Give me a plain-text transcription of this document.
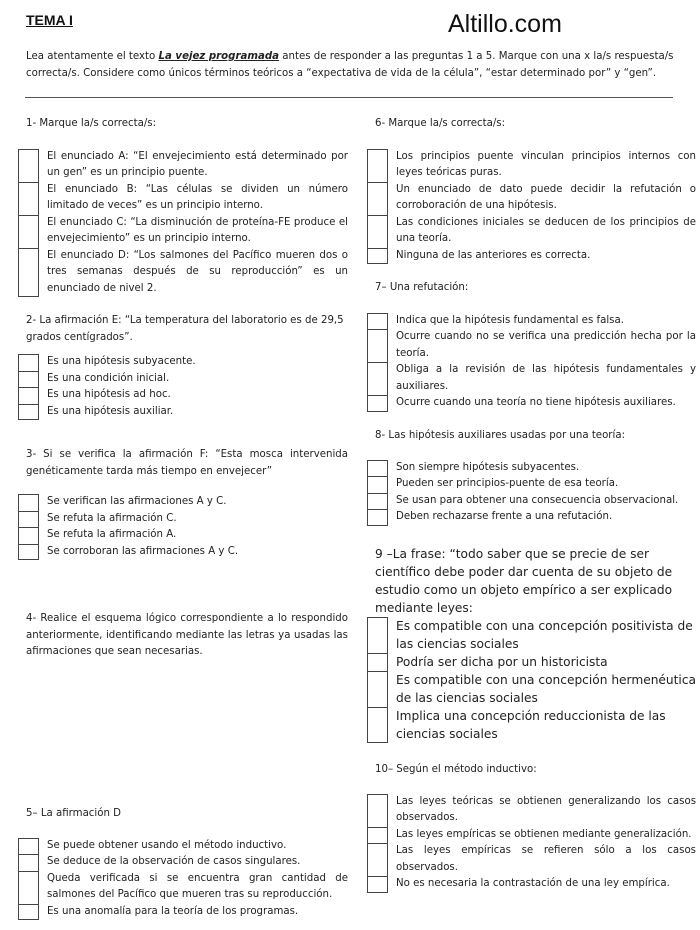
TEMA I	Altillo.com
Lea atentamente el texto La vejez programada antes de responder a las preguntas 1 a 5. Marque con una x la/s respuesta/s correcta/s. Considere como únicos términos teóricos a “expectativa de vida de la célula”, “estar determinado por” y “gen”.

1- Marque la/s correcta/s:

El enunciado A: “El envejecimiento está determinado por un gen” es un principio puente.
El enunciado B: “Las células se dividen un número limitado de veces” es un principio interno.
El enunciado C: “La disminución de proteína-FE produce el envejecimiento” es un principio interno.
El enunciado D: “Los salmones del Pacífico mueren dos o tres semanas después de su reproducción” es un enunciado de nivel 2.

2- La afirmación E: “La temperatura del laboratorio es de 29,5 grados centígrados”.

Es una hipótesis subyacente.
Es una condición inicial.
Es una hipótesis ad hoc.
Es una hipótesis auxiliar.

3- Si se verifica la afirmación F: “Esta mosca intervenida genéticamente tarda más tiempo en envejecer”

Se verifican las afirmaciones A y C.
Se refuta la afirmación C.
Se refuta la afirmación A.
Se corroboran las afirmaciones A y C.

4- Realice el esquema lógico correspondiente a lo respondido anteriormente, identificando mediante las letras ya usadas las afirmaciones que sean necesarias.

5– La afirmación D

Se puede obtener usando el método inductivo.
Se deduce de la observación de casos singulares.
Queda verificada si se encuentra gran cantidad de salmones del Pacífico que mueren tras su reproducción.
Es una anomalía para la teoría de los programas.

6- Marque la/s correcta/s:

Los principios puente vinculan principios internos con leyes teóricas puras.
Un enunciado de dato puede decidir la refutación o corroboración de una hipótesis.
Las condiciones iniciales se deducen de los principios de una teoría.
Ninguna de las anteriores es correcta.

7– Una refutación:

Indica que la hipótesis fundamental es falsa.
Ocurre cuando no se verifica una predicción hecha por la teoría.
Obliga a la revisión de las hipótesis fundamentales y auxiliares.
Ocurre cuando una teoría no tiene hipótesis auxiliares.

8- Las hipótesis auxiliares usadas por una teoría:

Son siempre hipótesis subyacentes.
Pueden ser principios-puente de esa teoría.
Se usan para obtener una consecuencia observacional.
Deben rechazarse frente a una refutación.

9 –La frase: “todo saber que se precie de ser científico debe poder dar cuenta de su objeto de estudio como un objeto empírico a ser explicado mediante leyes:

Es compatible con una concepción positivista de las ciencias sociales
Podría ser dicha por un historicista
Es compatible con una concepción hermenéutica de las ciencias sociales
Implica una concepción reduccionista de las ciencias sociales

10– Según el método inductivo:

Las leyes teóricas se obtienen generalizando los casos observados.
Las leyes empíricas se obtienen mediante generalización.
Las leyes empíricas se refieren sólo a los casos observados.
No es necesaria la contrastación de una ley empírica.
